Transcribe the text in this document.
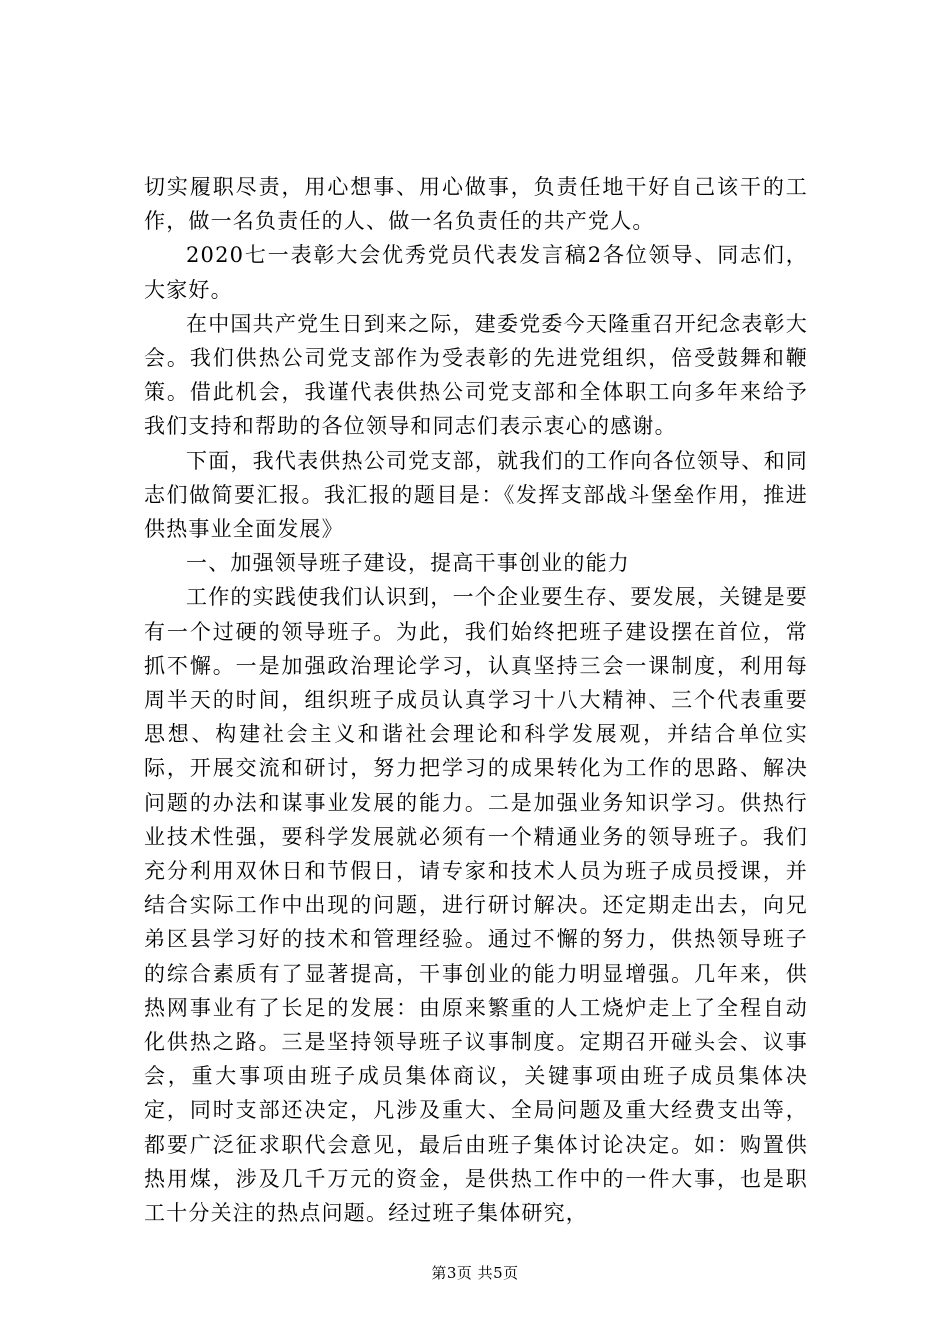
切实履职尽责，用心想事、用心做事，负责任地干好自己该干的工作，做一名负责任的人、做一名负责任的共产党人。

2020七一表彰大会优秀党员代表发言稿2各位领导、同志们，大家好。

在中国共产党生日到来之际，建委党委今天隆重召开纪念表彰大会。我们供热公司党支部作为受表彰的先进党组织，倍受鼓舞和鞭策。借此机会，我谨代表供热公司党支部和全体职工向多年来给予我们支持和帮助的各位领导和同志们表示衷心的感谢。

下面，我代表供热公司党支部，就我们的工作向各位领导、和同志们做简要汇报。我汇报的题目是：《发挥支部战斗堡垒作用，推进供热事业全面发展》

一、加强领导班子建设，提高干事创业的能力

工作的实践使我们认识到，一个企业要生存、要发展，关键是要有一个过硬的领导班子。为此，我们始终把班子建设摆在首位，常抓不懈。一是加强政治理论学习，认真坚持三会一课制度，利用每周半天的时间，组织班子成员认真学习十八大精神、三个代表重要思想、构建社会主义和谐社会理论和科学发展观，并结合单位实际，开展交流和研讨，努力把学习的成果转化为工作的思路、解决问题的办法和谋事业发展的能力。二是加强业务知识学习。供热行业技术性强，要科学发展就必须有一个精通业务的领导班子。我们充分利用双休日和节假日，请专家和技术人员为班子成员授课，并结合实际工作中出现的问题，进行研讨解决。还定期走出去，向兄弟区县学习好的技术和管理经验。通过不懈的努力，供热领导班子的综合素质有了显著提高，干事创业的能力明显增强。几年来，供热网事业有了长足的发展：由原来繁重的人工烧炉走上了全程自动化供热之路。三是坚持领导班子议事制度。定期召开碰头会、议事会，重大事项由班子成员集体商议，关键事项由班子成员集体决定，同时支部还决定，凡涉及重大、全局问题及重大经费支出等，都要广泛征求职代会意见，最后由班子集体讨论决定。如：购置供热用煤，涉及几千万元的资金，是供热工作中的一件大事，也是职工十分关注的热点问题。经过班子集体研究，

第3页 共5页
